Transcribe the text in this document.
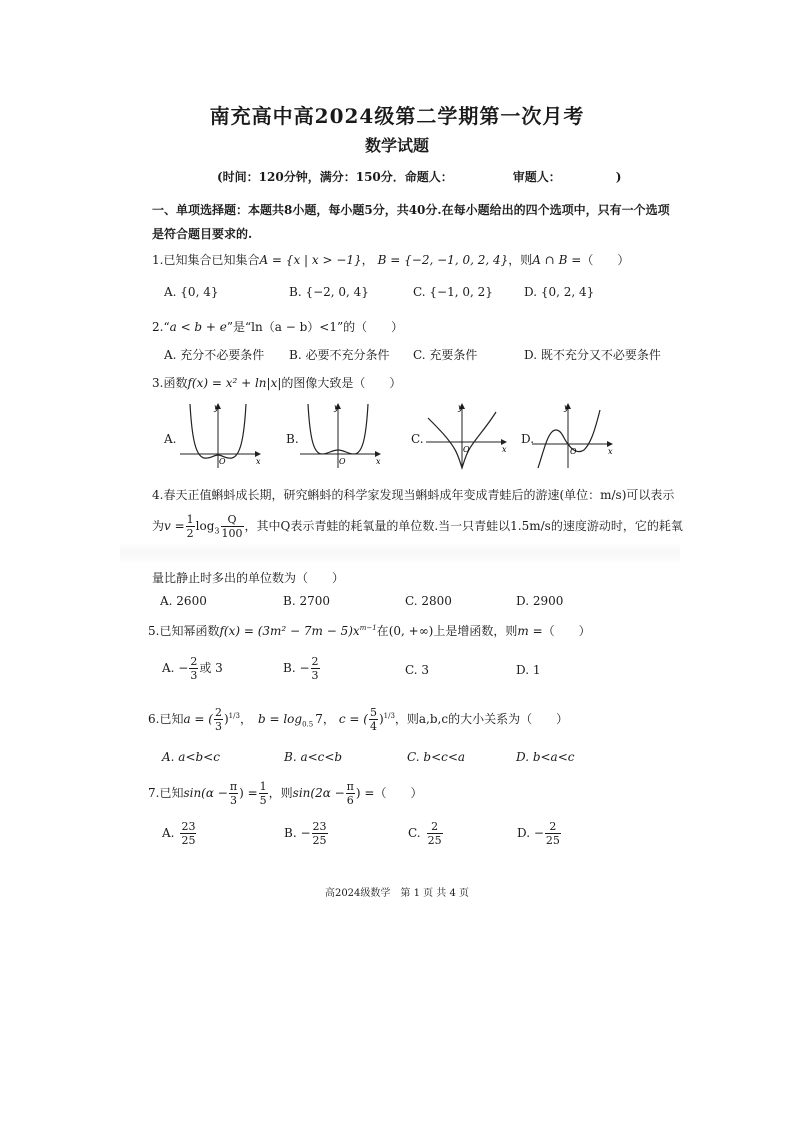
南充高中高2024级第二学期第一次月考
数学试题
(时间：120分钟，满分：150分．命题人：	审题人：	)
一、单项选择题：本题共8小题，每小题5分，共40分.在每小题给出的四个选项中，只有一个选项是符合题目要求的.
1.已知集合已知集合A = {x | x > −1}， B = {−2, −1, 0, 2, 4}，则A ∩ B =（　　）
A. {0, 4}	B. {−2, 0, 4}	C. {−1, 0, 2}	D. {0, 2, 4}
2.“a < b + e”是“ln（a − b）<1”的（　　）
A. 充分不必要条件 B. 必要不充分条件 C. 充要条件	D. 既不充分又不必要条件
3.函数f(x) = x² + ln|x|的图像大致是（　　）
A.	B.	C.	D.
y
x
O
y
x
O
y
x
O
y
x
O
4.春天正值蝌蚪成长期，研究蝌蚪的科学家发现当蝌蚪成年变成青蛙后的游速(单位：m/s)可以表示
为$v = \frac{1}{2} \log_3 \frac{Q}{100}$ ，其中Q表示青蛙的耗氧量的单位数.当一只青蛙以1.5m/s的速度游动时，它的耗氧
量比静止时多出的单位数为（　　）
A. 2600	B. 2700	C. 2800	D. 2900
5.已知幂函数$f(x) = (3m^2 - 7m - 5)x^{m-1}$在(0, +∞)上是增函数，则m =（　　）
A. − $\frac{2}{3}$ 或 3	B. − $\frac{2}{3}$	C. 3	D. 1
6.已知a = ( $\frac{2}{3} )^{1/3}$， $b = \log_{0.5} 7$， c = ( $\frac{5}{4} )^{1/3}$，则a,b,c的大小关系为（　　）
A. a<b<c	B. a<c<b	C. b<c<a	D. b<a<c
7.已知$\sin(\alpha - \frac{\pi}{3}$ ) = $\frac{1}{5}$ ，则$\sin(2\alpha - \frac{\pi}{6}$ ) =（　　）
A. $\frac{23}{25}$	B. − $\frac{23}{25}$	C. $\frac{2}{25}$	D. − $\frac{2}{25}$
高2024级数学　第 1 页 共 4 页
